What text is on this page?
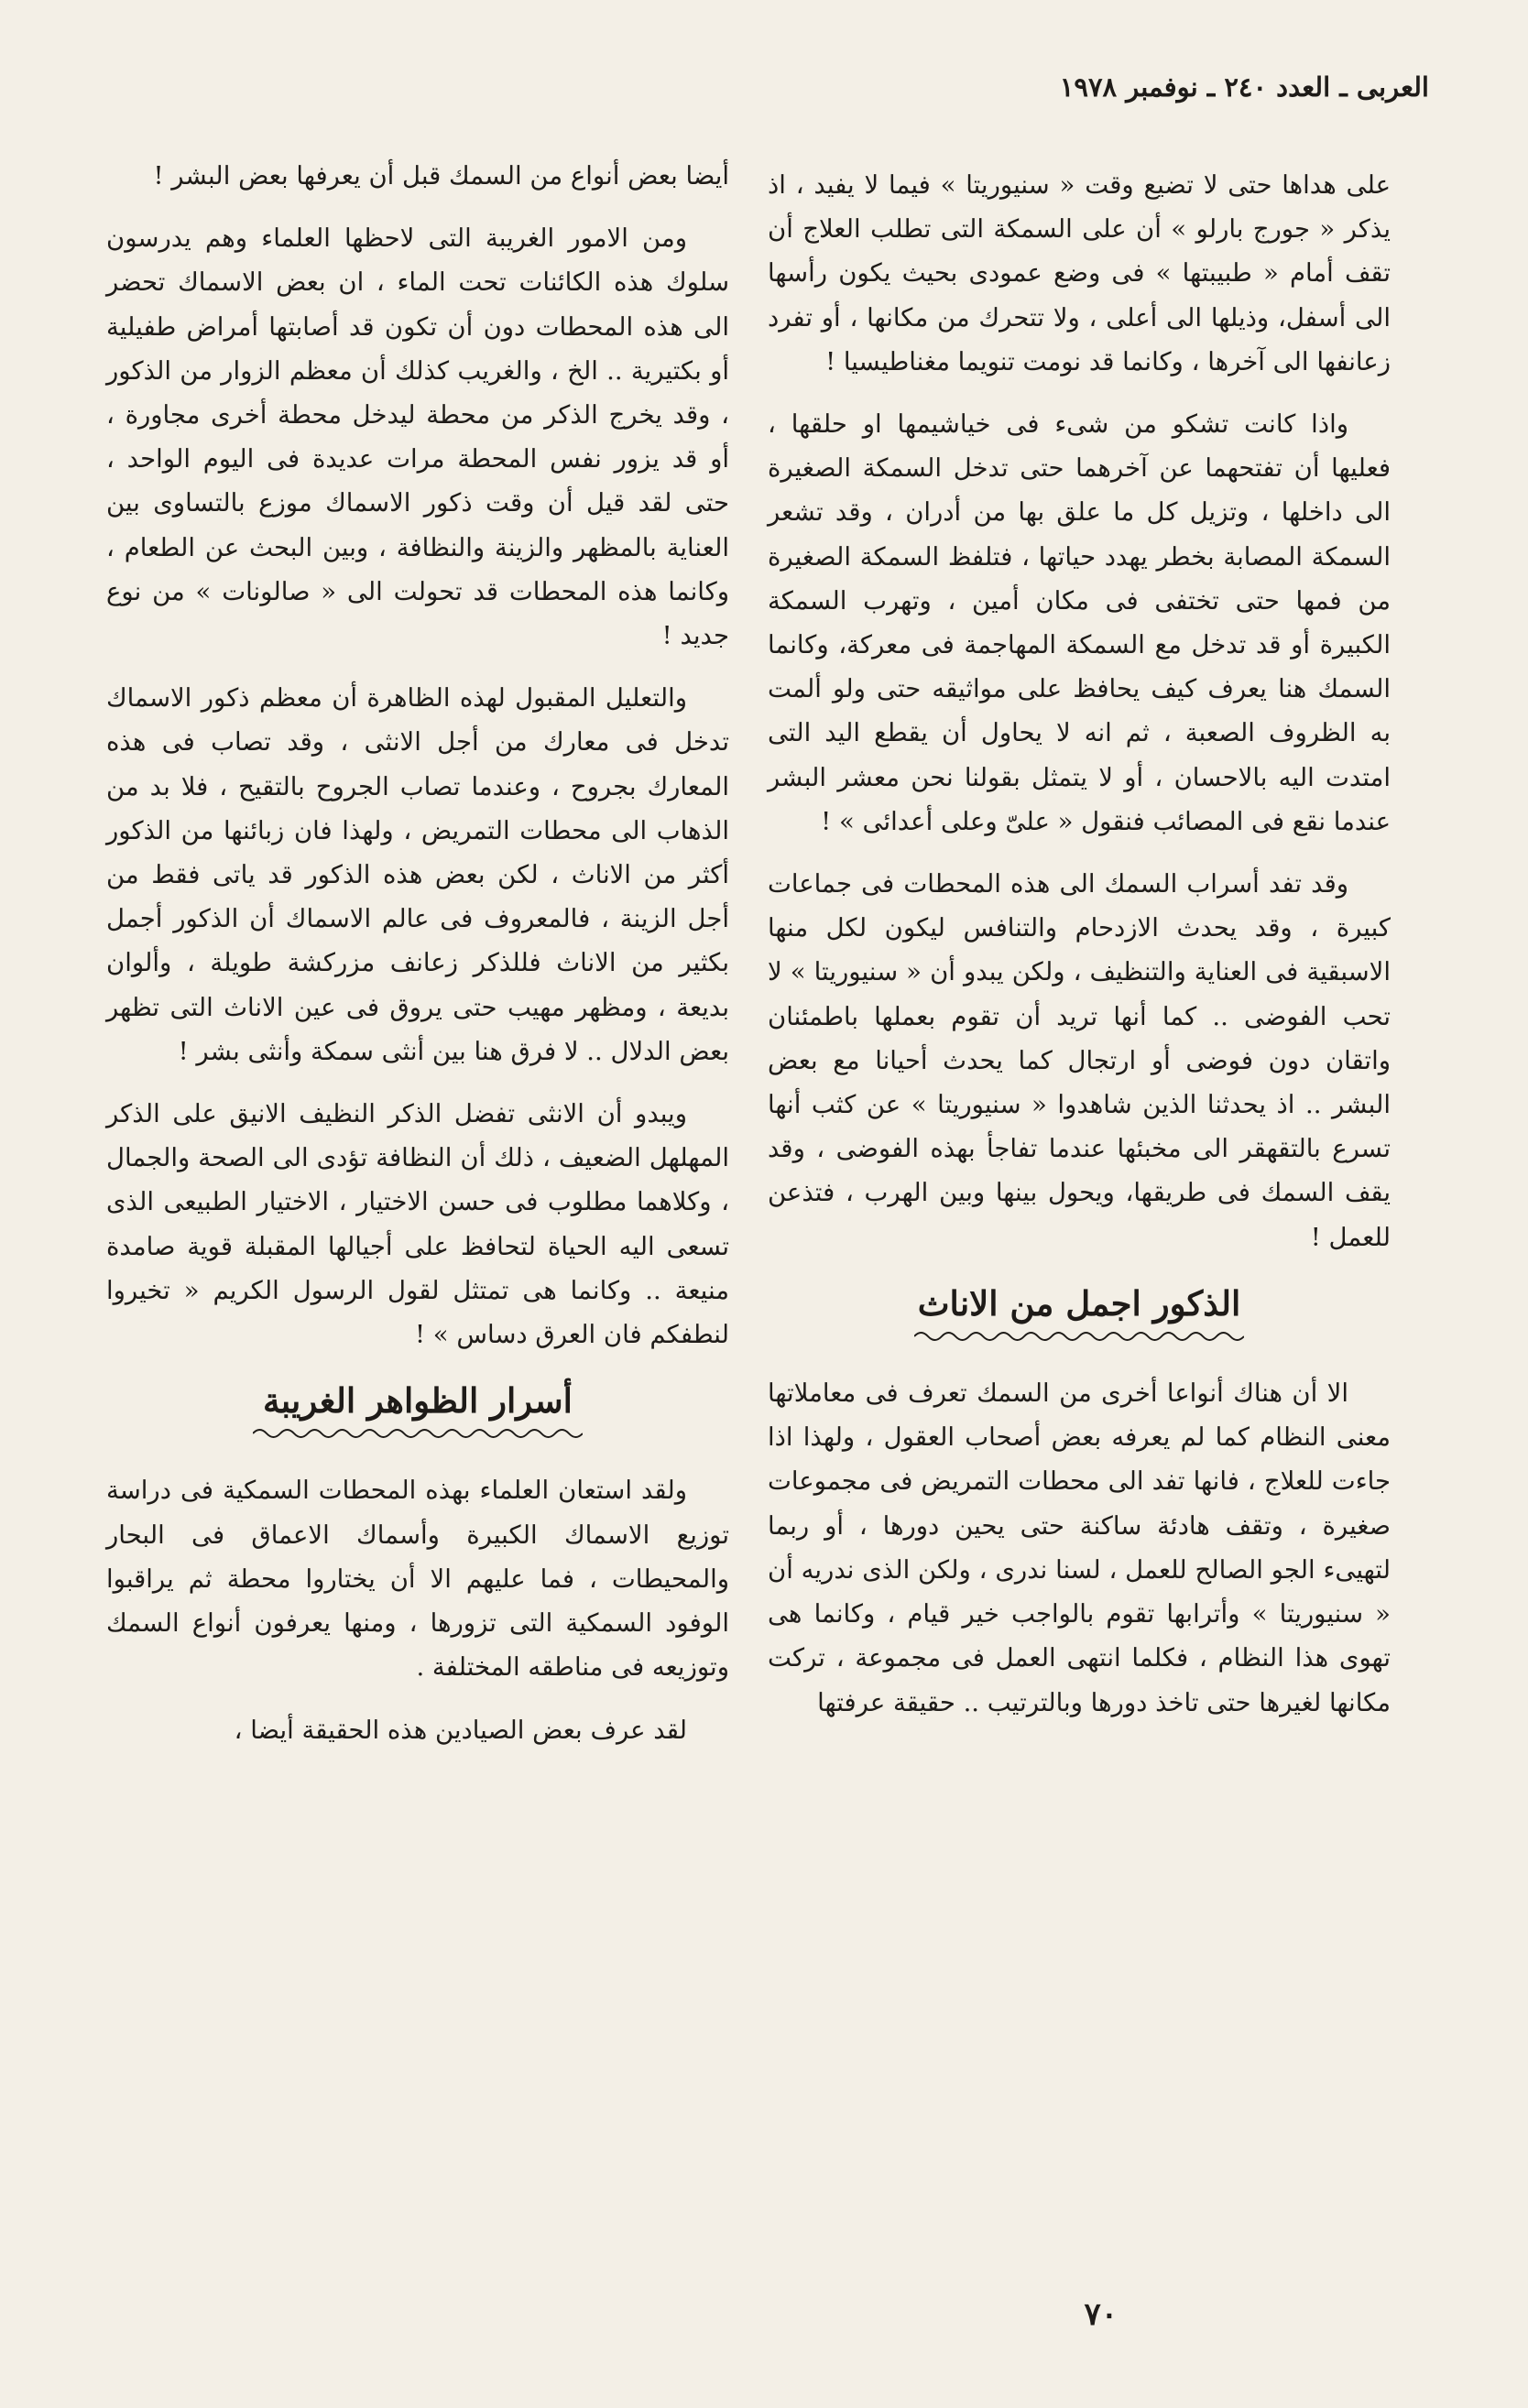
العربى ـ العدد ٢٤٠ ـ نوفمبر ١٩٧٨

على هداها حتى لا تضيع وقت « سنيوريتا » فيما لا يفيد ، اذ يذكر « جورج بارلو » أن على السمكة التى تطلب العلاج أن تقف أمام « طبيبتها » فى وضع عمودى بحيث يكون رأسها الى أسفل، وذيلها الى أعلى ، ولا تتحرك من مكانها ، أو تفرد زعانفها الى آخرها ، وكانما قد نومت تنويما مغناطيسيا !

واذا كانت تشكو من شىء فى خياشيمها او حلقها ، فعليها أن تفتحهما عن آخرهما حتى تدخل السمكة الصغيرة الى داخلها ، وتزيل كل ما علق بها من أدران ، وقد تشعر السمكة المصابة بخطر يهدد حياتها ، فتلفظ السمكة الصغيرة من فمها حتى تختفى فى مكان أمين ، وتهرب السمكة الكبيرة أو قد تدخل مع السمكة المهاجمة فى معركة، وكانما السمك هنا يعرف كيف يحافظ على مواثيقه حتى ولو ألمت به الظروف الصعبة ، ثم انه لا يحاول أن يقطع اليد التى امتدت اليه بالاحسان ، أو لا يتمثل بقولنا نحن معشر البشر عندما نقع فى المصائب فنقول « علىّ وعلى أعدائى » !

وقد تفد أسراب السمك الى هذه المحطات فى جماعات كبيرة ، وقد يحدث الازدحام والتنافس ليكون لكل منها الاسبقية فى العناية والتنظيف ، ولكن يبدو أن « سنيوريتا » لا تحب الفوضى .. كما أنها تريد أن تقوم بعملها باطمئنان واتقان دون فوضى أو ارتجال كما يحدث أحيانا مع بعض البشر .. اذ يحدثنا الذين شاهدوا « سنيوريتا » عن كثب أنها تسرع بالتقهقر الى مخبئها عندما تفاجأ بهذه الفوضى ، وقد يقف السمك فى طريقها، ويحول بينها وبين الهرب ، فتذعن للعمل !

الذكور اجمل من الاناث

الا أن هناك أنواعا أخرى من السمك تعرف فى معاملاتها معنى النظام كما لم يعرفه بعض أصحاب العقول ، ولهذا اذا جاءت للعلاج ، فانها تفد الى محطات التمريض فى مجموعات صغيرة ، وتقف هادئة ساكنة حتى يحين دورها ، أو ربما لتهيىء الجو الصالح للعمل ، لسنا ندرى ، ولكن الذى ندريه أن « سنيوريتا » وأترابها تقوم بالواجب خير قيام ، وكانما هى تهوى هذا النظام ، فكلما انتهى العمل فى مجموعة ، تركت مكانها لغيرها حتى تاخذ دورها وبالترتيب .. حقيقة عرفتها

أيضا بعض أنواع من السمك قبل أن يعرفها بعض البشر !

ومن الامور الغريبة التى لاحظها العلماء وهم يدرسون سلوك هذه الكائنات تحت الماء ، ان بعض الاسماك تحضر الى هذه المحطات دون أن تكون قد أصابتها أمراض طفيلية أو بكتيرية .. الخ ، والغريب كذلك أن معظم الزوار من الذكور ، وقد يخرج الذكر من محطة ليدخل محطة أخرى مجاورة ، أو قد يزور نفس المحطة مرات عديدة فى اليوم الواحد ، حتى لقد قيل أن وقت ذكور الاسماك موزع بالتساوى بين العناية بالمظهر والزينة والنظافة ، وبين البحث عن الطعام ، وكانما هذه المحطات قد تحولت الى « صالونات » من نوع جديد !

والتعليل المقبول لهذه الظاهرة أن معظم ذكور الاسماك تدخل فى معارك من أجل الانثى ، وقد تصاب فى هذه المعارك بجروح ، وعندما تصاب الجروح بالتقيح ، فلا بد من الذهاب الى محطات التمريض ، ولهذا فان زبائنها من الذكور أكثر من الاناث ، لكن بعض هذه الذكور قد ياتى فقط من أجل الزينة ، فالمعروف فى عالم الاسماك أن الذكور أجمل بكثير من الاناث فللذكر زعانف مزركشة طويلة ، وألوان بديعة ، ومظهر مهيب حتى يروق فى عين الاناث التى تظهر بعض الدلال .. لا فرق هنا بين أنثى سمكة وأنثى بشر !

ويبدو أن الانثى تفضل الذكر النظيف الانيق على الذكر المهلهل الضعيف ، ذلك أن النظافة تؤدى الى الصحة والجمال ، وكلاهما مطلوب فى حسن الاختيار ، الاختيار الطبيعى الذى تسعى اليه الحياة لتحافظ على أجيالها المقبلة قوية صامدة منيعة .. وكانما هى تمتثل لقول الرسول الكريم « تخيروا لنطفكم فان العرق دساس » !

أسرار الظواهر الغريبة

ولقد استعان العلماء بهذه المحطات السمكية فى دراسة توزيع الاسماك الكبيرة وأسماك الاعماق فى البحار والمحيطات ، فما عليهم الا أن يختاروا محطة ثم يراقبوا الوفود السمكية التى تزورها ، ومنها يعرفون أنواع السمك وتوزيعه فى مناطقه المختلفة .

لقد عرف بعض الصيادين هذه الحقيقة أيضا ،

٧٠
